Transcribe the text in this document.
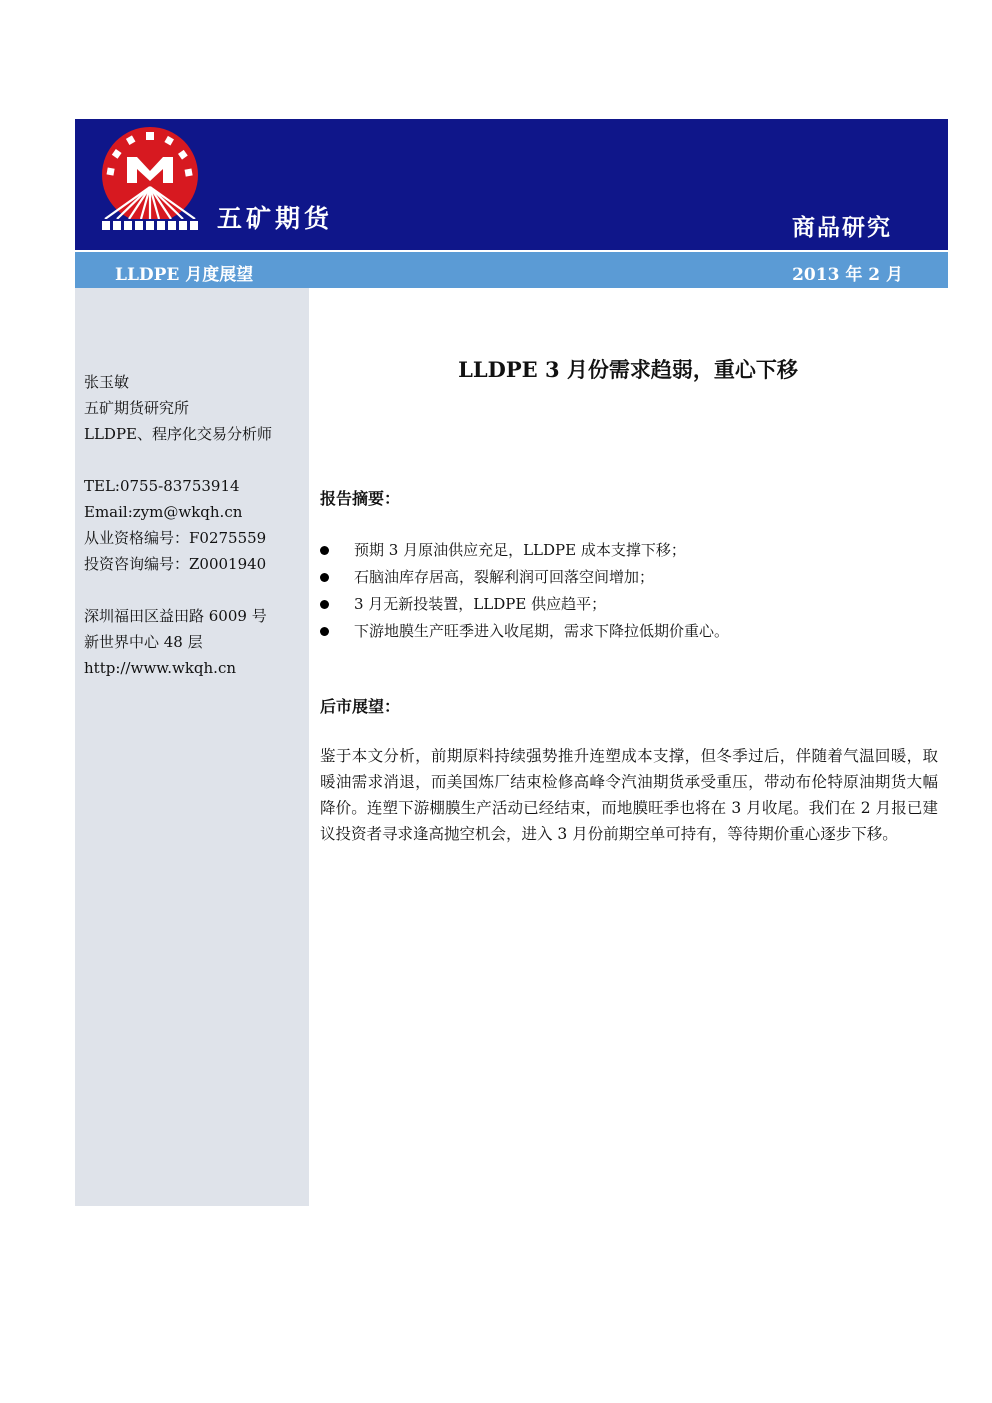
五矿期货	商品研究
LLDPE 月度展望	2013 年 2 月
张玉敏
五矿期货研究所
LLDPE、程序化交易分析师
TEL:0755-83753914
Email:zym@wkqh.cn
从业资格编号：F0275559
投资咨询编号：Z0001940
深圳福田区益田路 6009 号
新世界中心 48 层
http://www.wkqh.cn
LLDPE 3 月份需求趋弱，重心下移
报告摘要：
预期 3 月原油供应充足，LLDPE 成本支撑下移；
石脑油库存居高，裂解利润可回落空间增加；
3 月无新投装置，LLDPE 供应趋平；
下游地膜生产旺季进入收尾期，需求下降拉低期价重心。
后市展望：
鉴于本文分析，前期原料持续强势推升连塑成本支撑，但冬季过后，伴随着气温回暖，取暖油需求消退，而美国炼厂结束检修高峰令汽油期货承受重压，带动布伦特原油期货大幅降价。连塑下游棚膜生产活动已经结束，而地膜旺季也将在 3 月收尾。我们在 2 月报已建议投资者寻求逢高抛空机会，进入 3 月份前期空单可持有，等待期价重心逐步下移。
